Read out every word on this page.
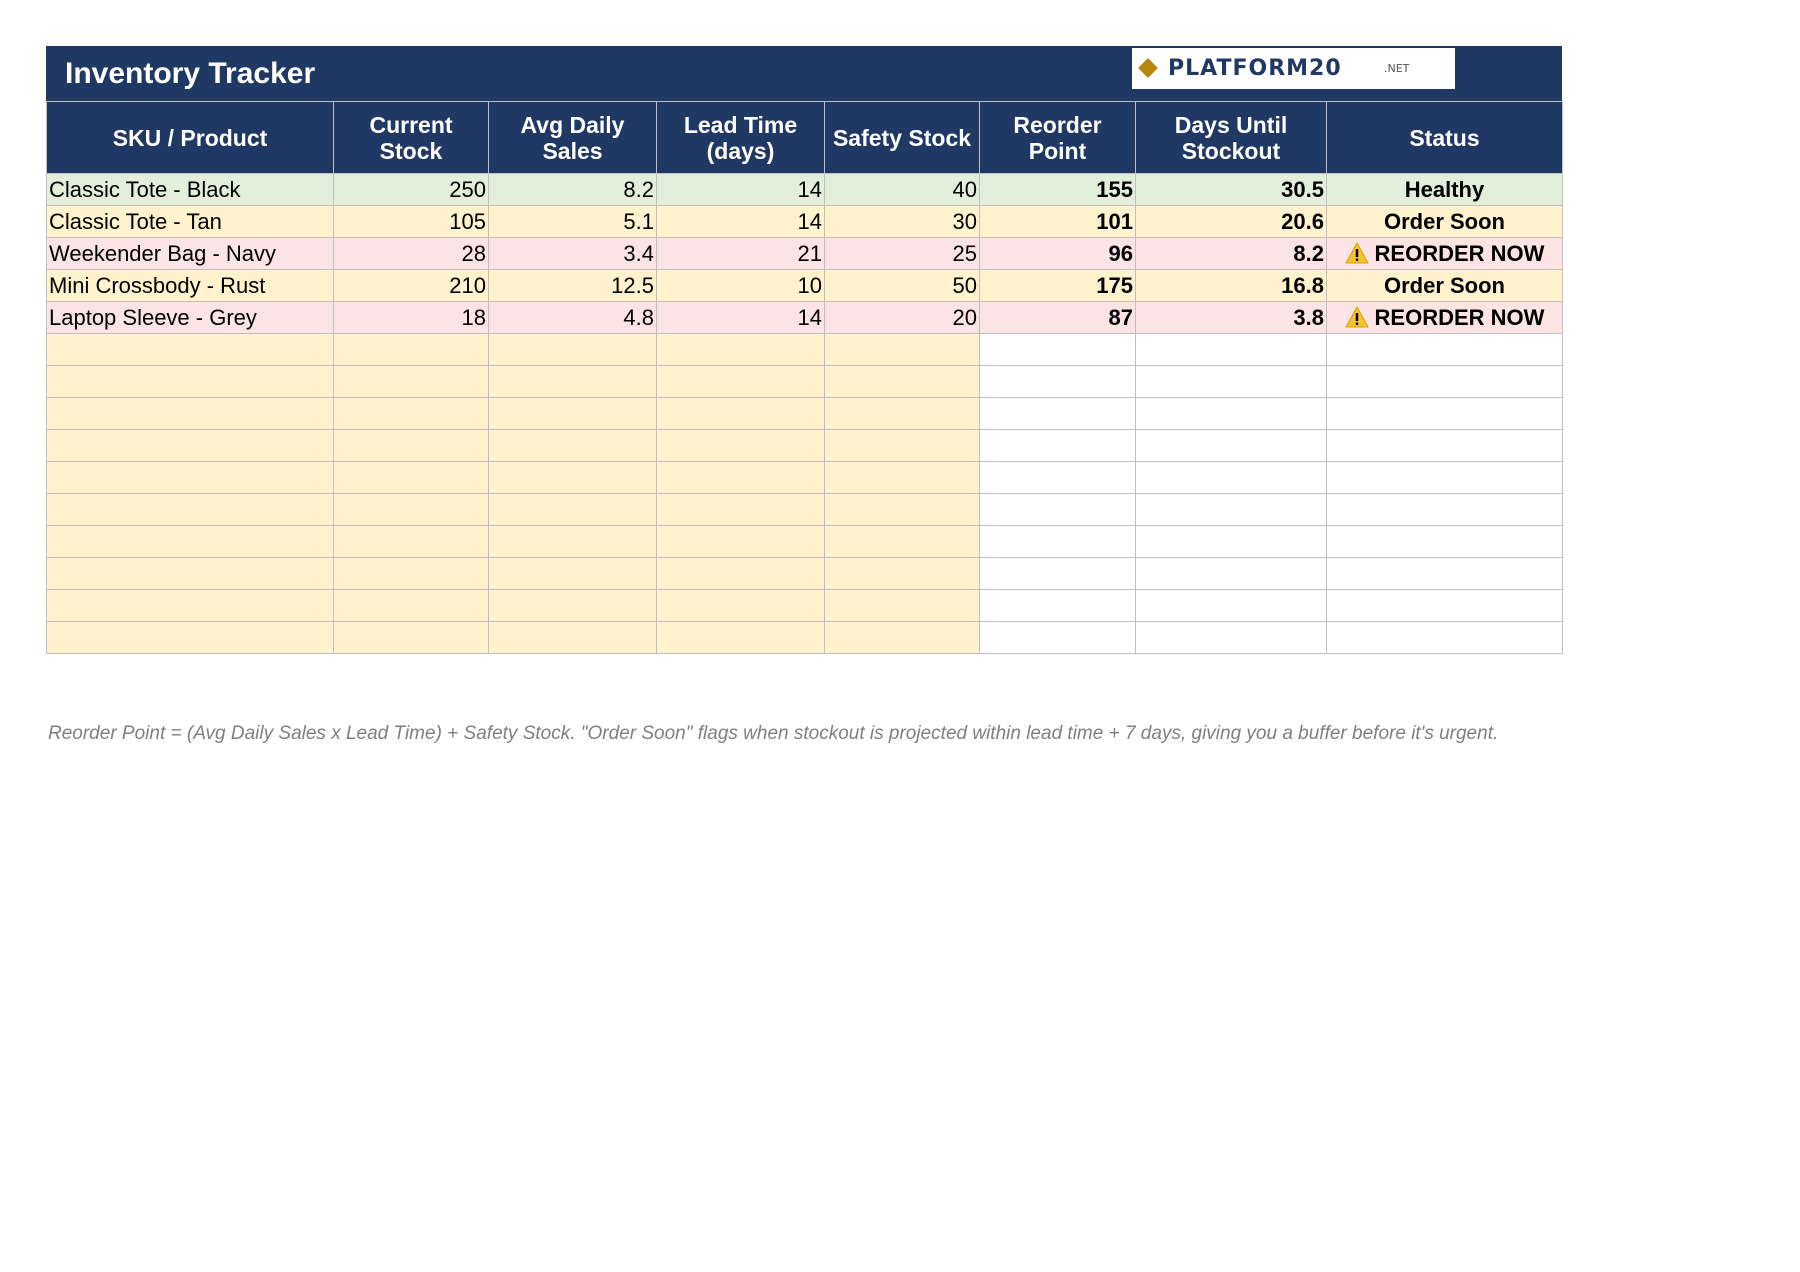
Inventory Tracker	PLATFORM20	.NET
SKU / Product	Current Stock	Avg Daily Sales	Lead Time (days)	Safety Stock	Reorder Point	Days Until Stockout	Status
Classic Tote - Black	250	8.2	14	40	155	30.5	Healthy
Classic Tote - Tan	105	5.1	14	30	101	20.6	Order Soon
Weekender Bag - Navy	28	3.4	21	25	96	8.2	REORDER NOW
Mini Crossbody - Rust	210	12.5	10	50	175	16.8	Order Soon
Laptop Sleeve - Grey	18	4.8	14	20	87	3.8	REORDER NOW

Reorder Point = (Avg Daily Sales x Lead Time) + Safety Stock. "Order Soon" flags when stockout is projected within lead time + 7 days, giving you a buffer before it's urgent.
